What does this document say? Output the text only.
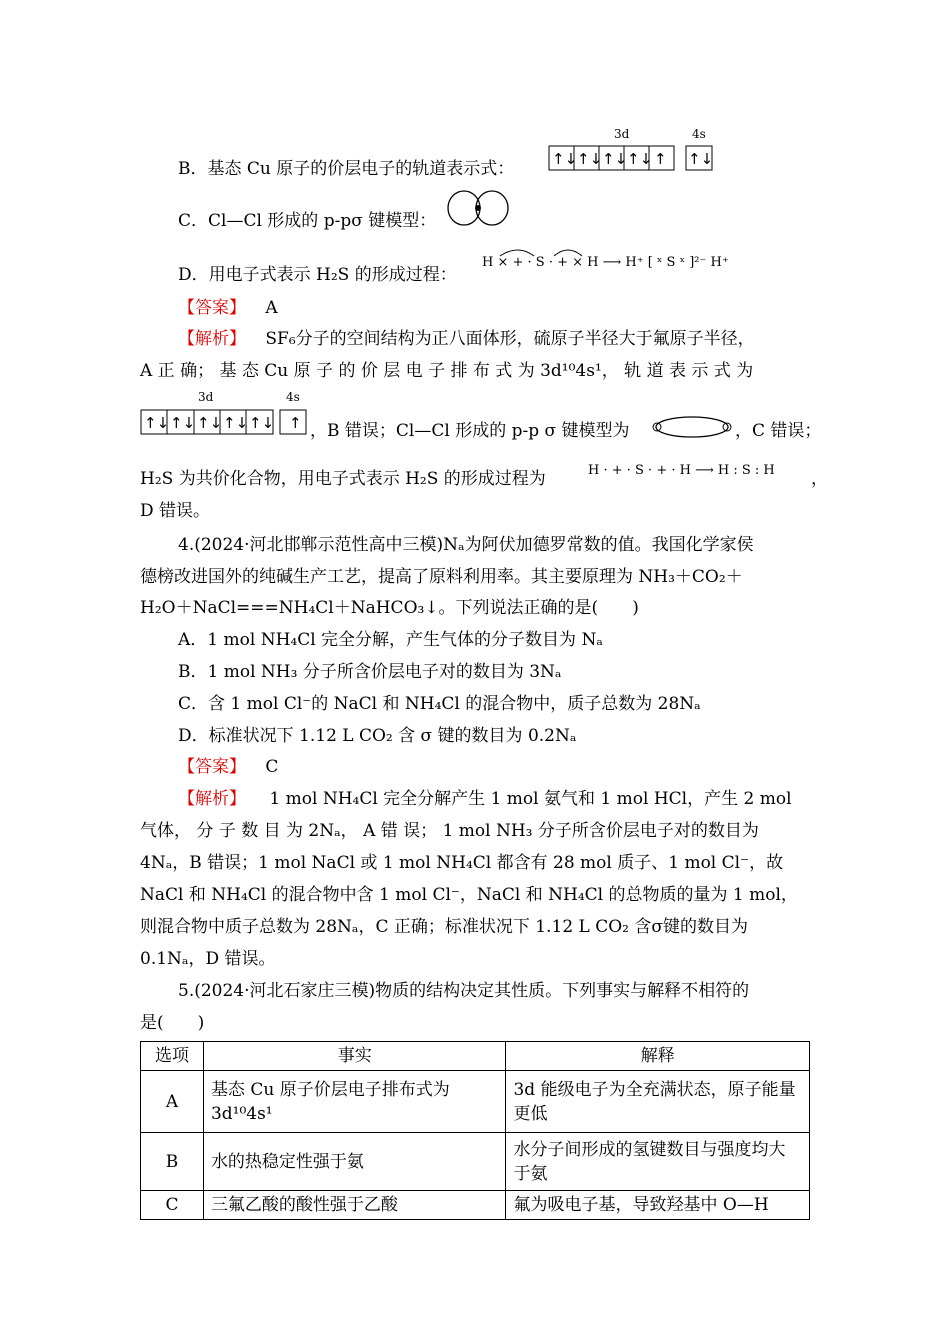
B．基态 Cu 原子的价层电子的轨道表示式：
3d	4s
↑↓ ↑↓ ↑↓ ↑↓ ↑ ↑↓
C．Cl—Cl 形成的 p-pσ 键模型：
D．用电子式表示 H₂S 的形成过程：
H × + · S · + × H ⟶ H⁺ [ ˣ S ˣ ]²⁻ H⁺
【答案】 A
【解析】 SF₆分子的空间结构为正八面体形，硫原子半径大于氟原子半径，
A 正 确； 基 态 Cu 原 子 的 价 层 电 子 排 布 式 为 3d¹⁰4s¹， 轨 道 表 示 式 为
3d	4s
↑↓ ↑↓ ↑↓ ↑↓ ↑↓ ↑ ，B 错误；Cl—Cl 形成的 p-p σ 键模型为	，C 错误；
H₂S 为共价化合物，用电子式表示 H₂S 的形成过程为	H · + · S · + · H ⟶ H : S : H ，
D 错误。
4.(2024·河北邯郸示范性高中三模)Nₐ为阿伏加德罗常数的值。我国化学家侯
德榜改进国外的纯碱生产工艺，提高了原料利用率。其主要原理为 NH₃＋CO₂＋
H₂O＋NaCl===NH₄Cl＋NaHCO₃↓。下列说法正确的是(　　)
A．1 mol NH₄Cl 完全分解，产生气体的分子数目为 Nₐ
B．1 mol NH₃ 分子所含价层电子对的数目为 3Nₐ
C．含 1 mol Cl⁻的 NaCl 和 NH₄Cl 的混合物中，质子总数为 28Nₐ
D．标准状况下 1.12 L CO₂ 含 σ 键的数目为 0.2Nₐ
【答案】 C
【解析】 1 mol NH₄Cl 完全分解产生 1 mol 氨气和 1 mol HCl，产生 2 mol
气体， 分 子 数 目 为 2Nₐ， A 错 误； 1 mol NH₃ 分子所含价层电子对的数目为
4Nₐ，B 错误；1 mol NaCl 或 1 mol NH₄Cl 都含有 28 mol 质子、1 mol Cl⁻，故
NaCl 和 NH₄Cl 的混合物中含 1 mol Cl⁻，NaCl 和 NH₄Cl 的总物质的量为 1 mol，
则混合物中质子总数为 28Nₐ，C 正确；标准状况下 1.12 L CO₂ 含σ键的数目为
0.1Nₐ，D 错误。
5.(2024·河北石家庄三模)物质的结构决定其性质。下列事实与解释不相符的
是(　　)
选项	事实	解释
A	基态 Cu 原子价层电子排布式为 3d¹⁰4s¹	3d 能级电子为全充满状态，原子能量更低
B	水的热稳定性强于氨	水分子间形成的氢键数目与强度均大于氨
C	三氟乙酸的酸性强于乙酸	氟为吸电子基，导致羟基中 O—H
